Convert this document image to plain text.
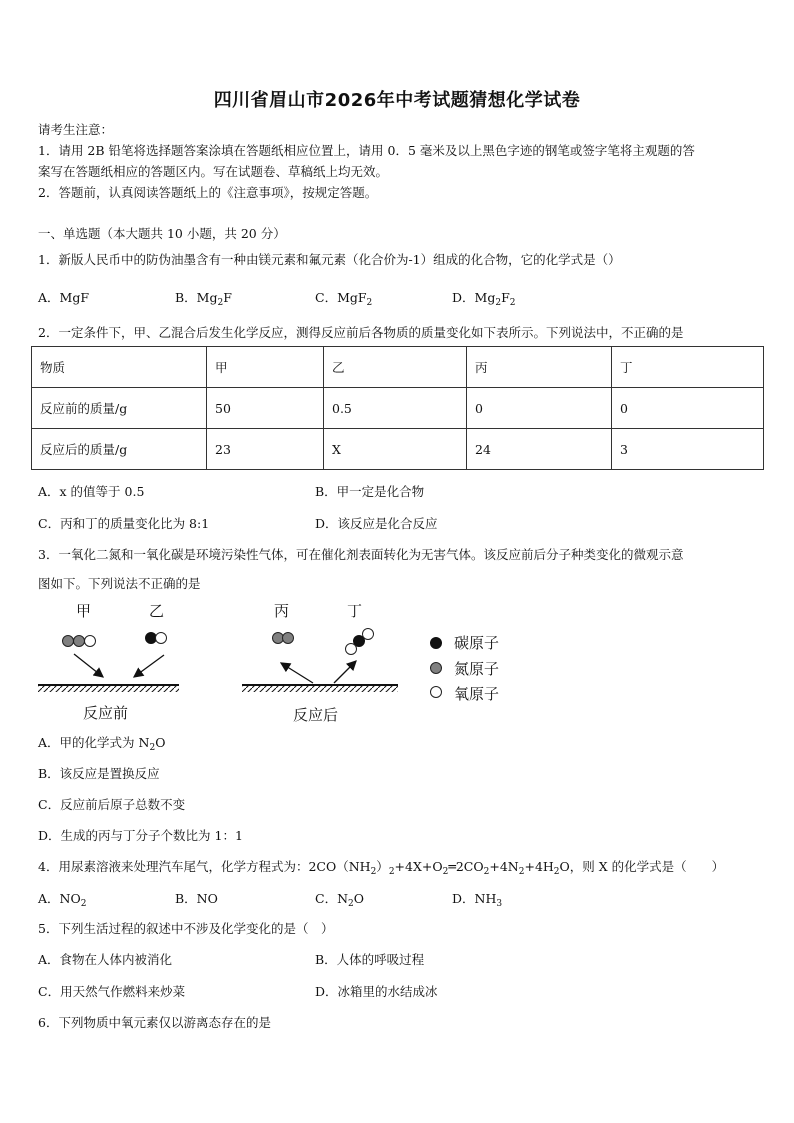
四川省眉山市2026年中考试题猜想化学试卷
请考生注意：
1．请用 2B 铅笔将选择题答案涂填在答题纸相应位置上，请用 0．5 毫米及以上黑色字迹的钢笔或签字笔将主观题的答
案写在答题纸相应的答题区内。写在试题卷、草稿纸上均无效。
2．答题前，认真阅读答题纸上的《注意事项》，按规定答题。
一、单选题（本大题共 10 小题，共 20 分）
1．新版人民币中的防伪油墨含有一种由镁元素和氟元素（化合价为-1）组成的化合物，它的化学式是（）
A．MgF	B．$Mg_2F$	C．MgF$_2$	D．$Mg_2F_2$
2．一定条件下，甲、乙混合后发生化学反应，测得反应前后各物质的质量变化如下表所示。下列说法中，不正确的是
物质	甲	乙	丙	丁
反应前的质量/g	50	0.5	0	0
反应后的质量/g	23	X	24	3
A．x 的值等于 0.5	B．甲一定是化合物
C．丙和丁的质量变化比为 8:1	D．该反应是化合反应
3．一氧化二氮和一氧化碳是环境污染性气体，可在催化剂表面转化为无害气体。该反应前后分子种类变化的微观示意
图如下。下列说法不正确的是
甲	乙	丙	丁
反应前	反应后
碳原子
氮原子
氧原子
A．甲的化学式为 $N_2O$
B．该反应是置换反应
C．反应前后原子总数不变
D．生成的丙与丁分子个数比为 1：1
4．用尿素溶液来处理汽车尾气，化学方程式为：$2CO(NH_2)_2+4X+O_2═2CO_2+4N_2+4H_2O$，则 X 的化学式是（　　）
A．$NO_2$	B．NO	C．$N_2O$	D．$NH_3$
5．下列生活过程的叙述中不涉及化学变化的是（　）
A．食物在人体内被消化	B．人体的呼吸过程
C．用天然气作燃料来炒菜	D．冰箱里的水结成冰
6．下列物质中氧元素仅以游离态存在的是
